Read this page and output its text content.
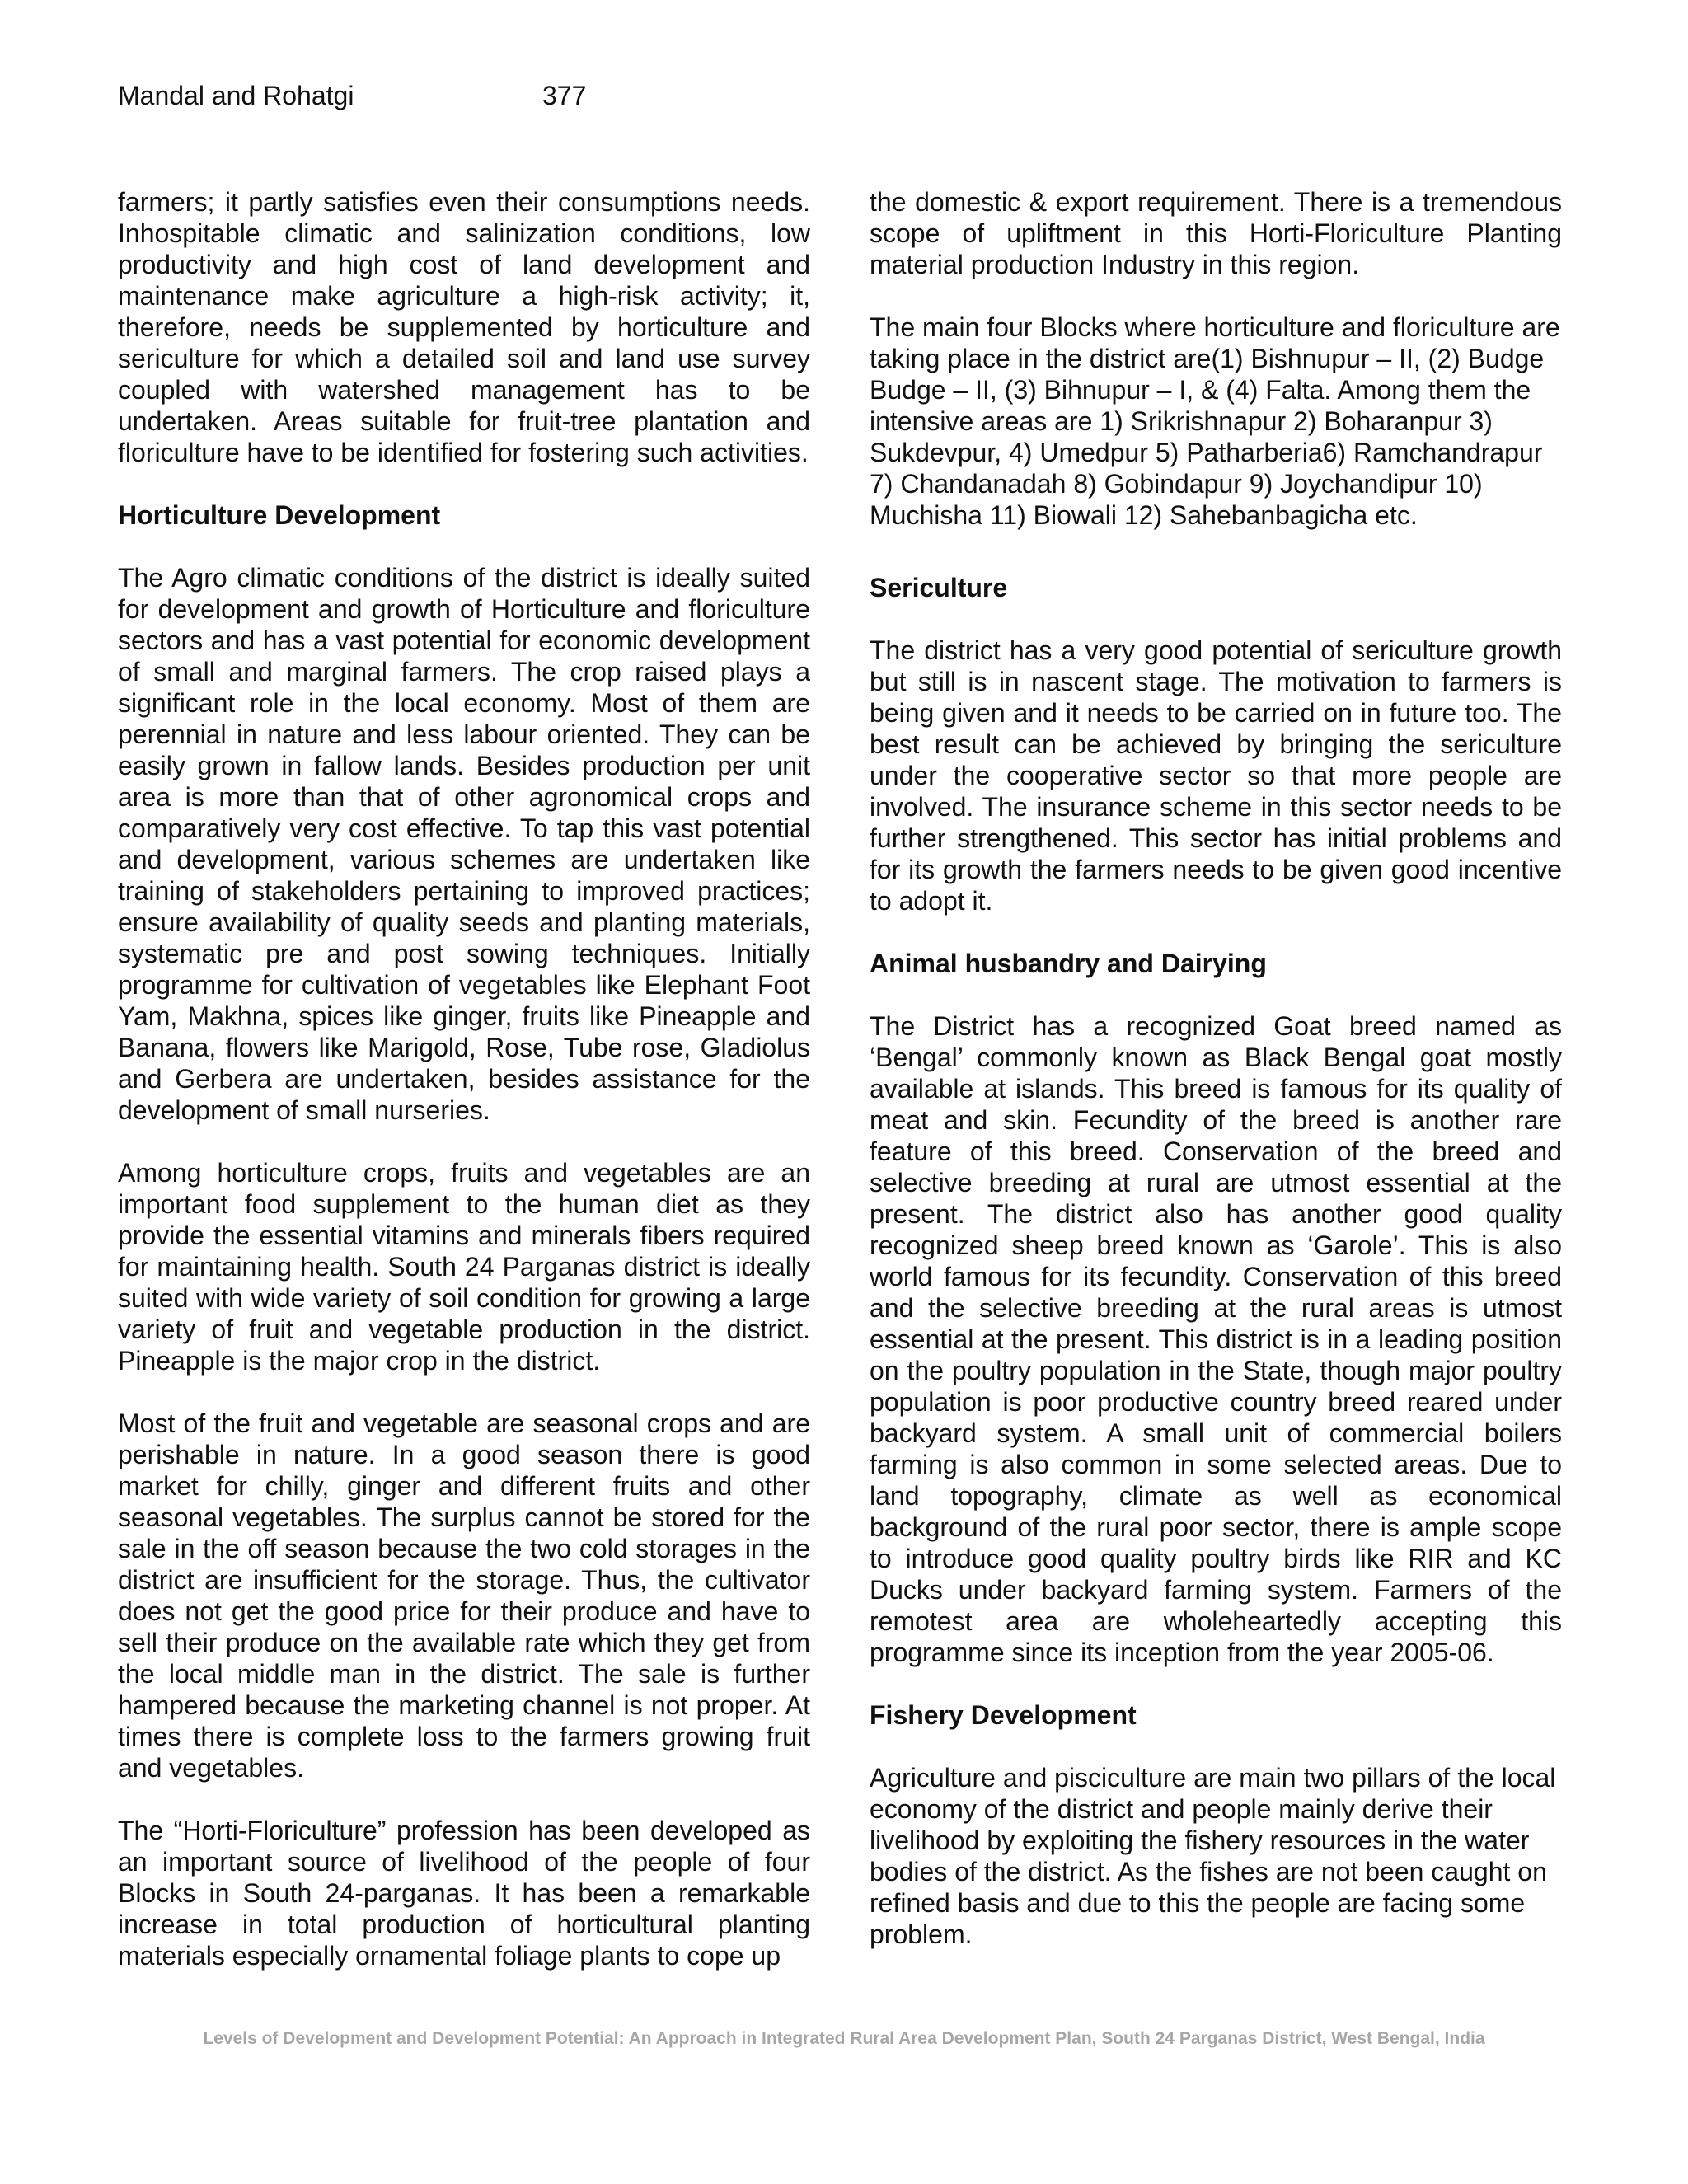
Mandal and Rohatgi	377

farmers; it partly satisfies even their consumptions needs. Inhospitable climatic and salinization conditions, low productivity and high cost of land development and maintenance make agriculture a high-risk activity; it, therefore, needs be supplemented by horticulture and sericulture for which a detailed soil and land use survey coupled with watershed management has to be undertaken. Areas suitable for fruit-tree plantation and floriculture have to be identified for fostering such activities.

Horticulture Development

The Agro climatic conditions of the district is ideally suited for development and growth of Horticulture and floriculture sectors and has a vast potential for economic development of small and marginal farmers. The crop raised plays a significant role in the local economy. Most of them are perennial in nature and less labour oriented. They can be easily grown in fallow lands. Besides production per unit area is more than that of other agronomical crops and comparatively very cost effective. To tap this vast potential and development, various schemes are undertaken like training of stakeholders pertaining to improved practices; ensure availability of quality seeds and planting materials, systematic pre and post sowing techniques. Initially programme for cultivation of vegetables like Elephant Foot Yam, Makhna, spices like ginger, fruits like Pineapple and Banana, flowers like Marigold, Rose, Tube rose, Gladiolus and Gerbera are undertaken, besides assistance for the development of small nurseries.

Among horticulture crops, fruits and vegetables are an important food supplement to the human diet as they provide the essential vitamins and minerals fibers required for maintaining health. South 24 Parganas district is ideally suited with wide variety of soil condition for growing a large variety of fruit and vegetable production in the district. Pineapple is the major crop in the district.

Most of the fruit and vegetable are seasonal crops and are perishable in nature. In a good season there is good market for chilly, ginger and different fruits and other seasonal vegetables. The surplus cannot be stored for the sale in the off season because the two cold storages in the district are insufficient for the storage. Thus, the cultivator does not get the good price for their produce and have to sell their produce on the available rate which they get from the local middle man in the district. The sale is further hampered because the marketing channel is not proper. At times there is complete loss to the farmers growing fruit and vegetables.

The “Horti-Floriculture” profession has been developed as an important source of livelihood of the people of four Blocks in South 24-parganas. It has been a remarkable increase in total production of horticultural planting materials especially ornamental foliage plants to cope up

the domestic & export requirement. There is a tremendous scope of upliftment in this Horti-Floriculture Planting material production Industry in this region.

The main four Blocks where horticulture and floriculture are taking place in the district are(1) Bishnupur – II, (2) Budge Budge – II, (3) Bihnupur – I, & (4) Falta. Among them the intensive areas are 1) Srikrishnapur 2) Boharanpur 3) Sukdevpur, 4) Umedpur 5) Patharberia6) Ramchandrapur 7) Chandanadah 8) Gobindapur 9) Joychandipur 10) Muchisha 11) Biowali 12) Sahebanbagicha etc.

Sericulture

The district has a very good potential of sericulture growth but still is in nascent stage. The motivation to farmers is being given and it needs to be carried on in future too. The best result can be achieved by bringing the sericulture under the cooperative sector so that more people are involved. The insurance scheme in this sector needs to be further strengthened. This sector has initial problems and for its growth the farmers needs to be given good incentive to adopt it.

Animal husbandry and Dairying

The District has a recognized Goat breed named as ‘Bengal’ commonly known as Black Bengal goat mostly available at islands. This breed is famous for its quality of meat and skin. Fecundity of the breed is another rare feature of this breed. Conservation of the breed and selective breeding at rural are utmost essential at the present. The district also has another good quality recognized sheep breed known as ‘Garole’. This is also world famous for its fecundity. Conservation of this breed and the selective breeding at the rural areas is utmost essential at the present. This district is in a leading position on the poultry population in the State, though major poultry population is poor productive country breed reared under backyard system. A small unit of commercial boilers farming is also common in some selected areas. Due to land topography, climate as well as economical background of the rural poor sector, there is ample scope to introduce good quality poultry birds like RIR and KC Ducks under backyard farming system. Farmers of the remotest area are wholeheartedly accepting this programme since its inception from the year 2005-06.

Fishery Development

Agriculture and pisciculture are main two pillars of the local economy of the district and people mainly derive their livelihood by exploiting the fishery resources in the water bodies of the district. As the fishes are not been caught on refined basis and due to this the people are facing some problem.

Levels of Development and Development Potential: An Approach in Integrated Rural Area Development Plan, South 24 Parganas District, West Bengal, India
